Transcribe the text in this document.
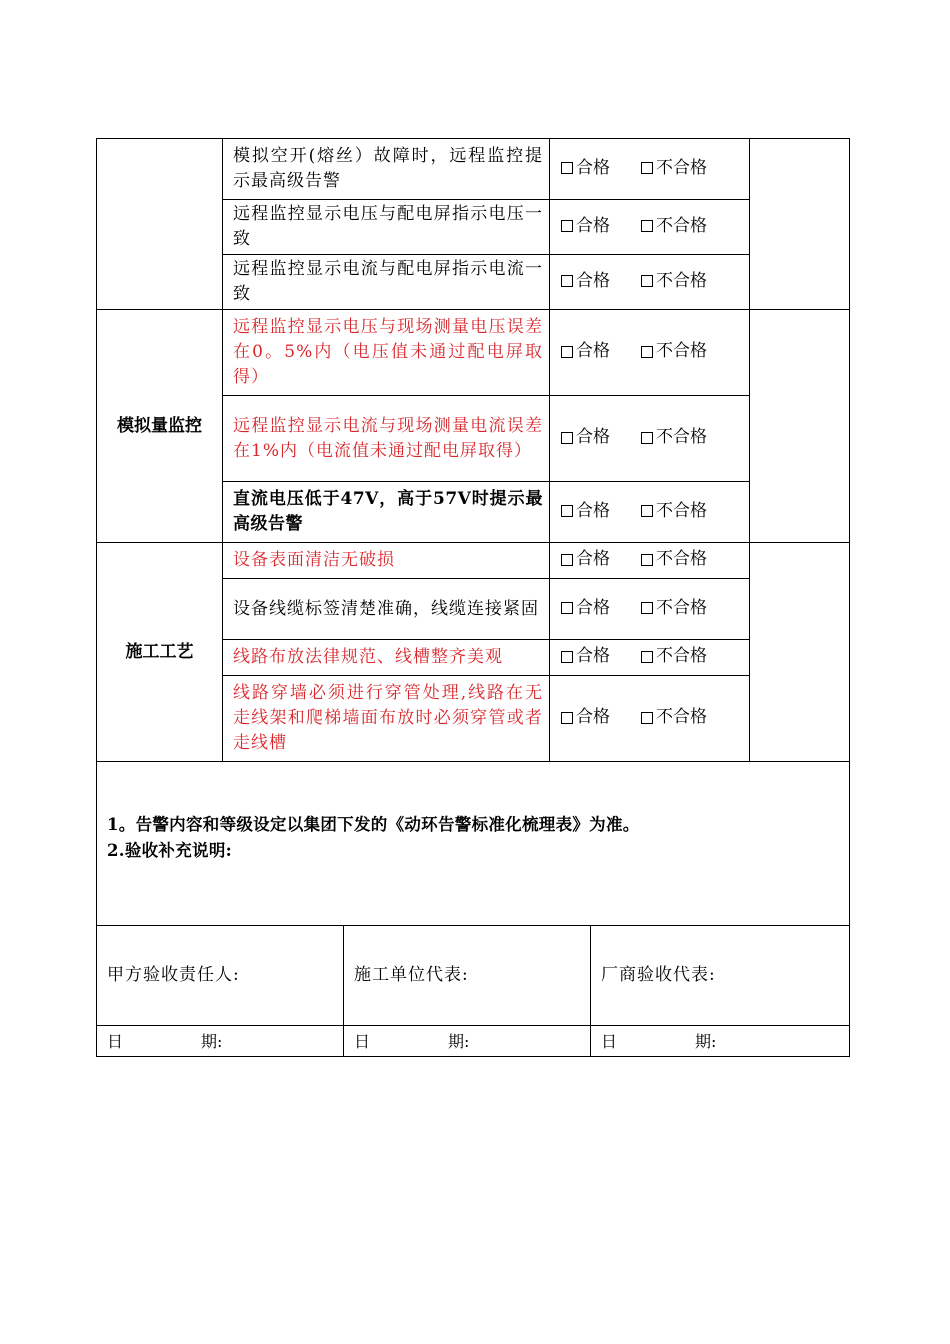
	模拟空开(熔丝）故障时，远程监控提示最高级告警	合格 不合格	

	远程监控显示电压与配电屏指示电压一致	合格 不合格	

	远程监控显示电流与配电屏指示电流一致	合格 不合格	

模拟量监控	远程监控显示电压与现场测量电压误差在0。5%内（电压值未通过配电屏取得）	合格 不合格	

	远程监控显示电流与现场测量电流误差在1%内（电流值未通过配电屏取得）	合格 不合格	

	直流电压低于47V，高于57V时提示最高级告警	合格 不合格	

施工工艺	设备表面清洁无破损	合格 不合格	

	设备线缆标签清楚准确，线缆连接紧固	合格 不合格	

	线路布放法律规范、线槽整齐美观	合格 不合格	

	线路穿墙必须进行穿管处理,线路在无走线架和爬梯墙面布放时必须穿管或者走线槽	合格 不合格	
1。告警内容和等级设定以集团下发的《动环告警标准化梳理表》为准。
2.验收补充说明:		

甲方验收责任人:	施工单位代表:	厂商验收代表:
日 期:	日 期:	日 期:
